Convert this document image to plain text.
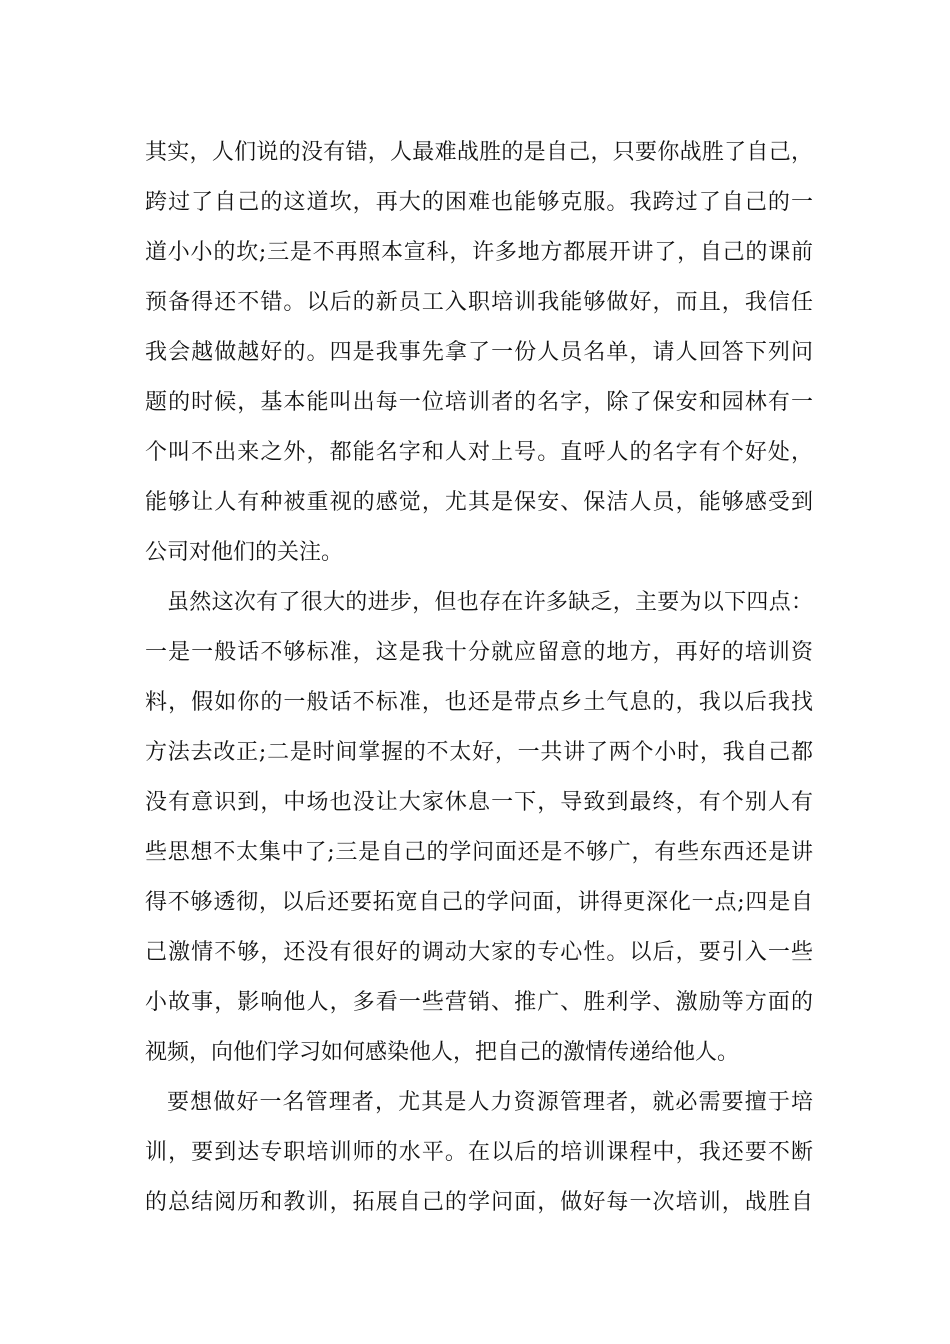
其实，人们说的没有错，人最难战胜的是自己，只要你战胜了自己，
跨过了自己的这道坎，再大的困难也能够克服。我跨过了自己的一
道小小的坎;三是不再照本宣科，许多地方都展开讲了，自己的课前
预备得还不错。以后的新员工入职培训我能够做好，而且，我信任
我会越做越好的。四是我事先拿了一份人员名单，请人回答下列问
题的时候，基本能叫出每一位培训者的名字，除了保安和园林有一
个叫不出来之外，都能名字和人对上号。直呼人的名字有个好处，
能够让人有种被重视的感觉，尤其是保安、保洁人员，能够感受到
公司对他们的关注。
虽然这次有了很大的进步，但也存在许多缺乏，主要为以下四点：
一是一般话不够标准，这是我十分就应留意的地方，再好的培训资
料，假如你的一般话不标准，也还是带点乡土气息的，我以后我找
方法去改正;二是时间掌握的不太好，一共讲了两个小时，我自己都
没有意识到，中场也没让大家休息一下，导致到最终，有个别人有
些思想不太集中了;三是自己的学问面还是不够广，有些东西还是讲
得不够透彻，以后还要拓宽自己的学问面，讲得更深化一点;四是自
己激情不够，还没有很好的调动大家的专心性。以后，要引入一些
小故事，影响他人，多看一些营销、推广、胜利学、激励等方面的
视频，向他们学习如何感染他人，把自己的激情传递给他人。
要想做好一名管理者，尤其是人力资源管理者，就必需要擅于培
训，要到达专职培训师的水平。在以后的培训课程中，我还要不断
的总结阅历和教训，拓展自己的学问面，做好每一次培训，战胜自
